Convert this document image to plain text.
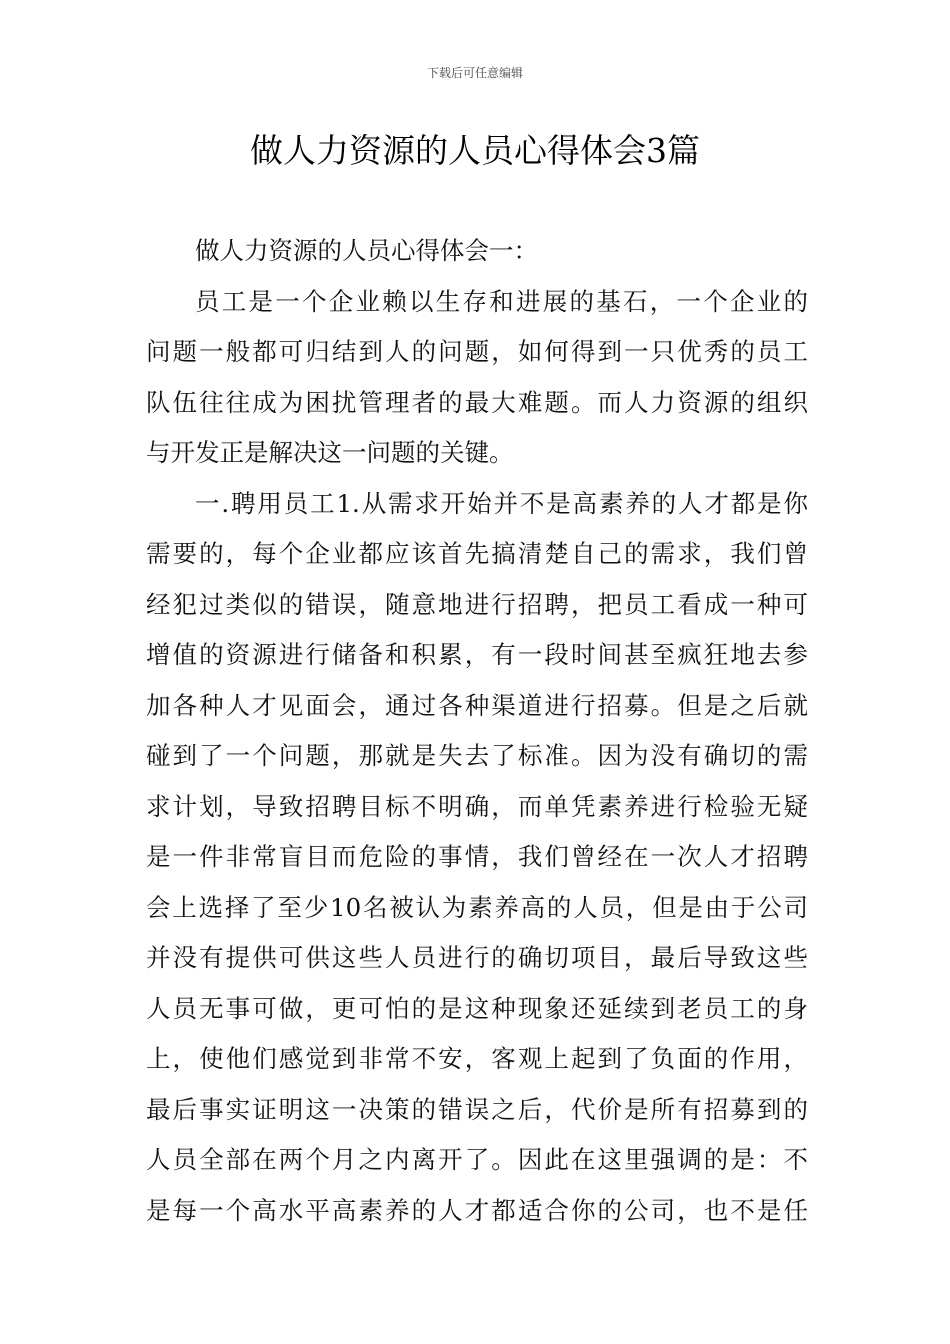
下载后可任意编辑
做人力资源的人员心得体会3篇
做人力资源的人员心得体会一：
员工是一个企业赖以生存和进展的基石，一个企业的
问题一般都可归结到人的问题，如何得到一只优秀的员工
队伍往往成为困扰管理者的最大难题。而人力资源的组织
与开发正是解决这一问题的关键。
一.聘用员工1.从需求开始并不是高素养的人才都是你
需要的，每个企业都应该首先搞清楚自己的需求，我们曾
经犯过类似的错误，随意地进行招聘，把员工看成一种可
增值的资源进行储备和积累，有一段时间甚至疯狂地去参
加各种人才见面会，通过各种渠道进行招募。但是之后就
碰到了一个问题，那就是失去了标准。因为没有确切的需
求计划，导致招聘目标不明确，而单凭素养进行检验无疑
是一件非常盲目而危险的事情，我们曾经在一次人才招聘
会上选择了至少10名被认为素养高的人员，但是由于公司
并没有提供可供这些人员进行的确切项目，最后导致这些
人员无事可做，更可怕的是这种现象还延续到老员工的身
上，使他们感觉到非常不安，客观上起到了负面的作用，
最后事实证明这一决策的错误之后，代价是所有招募到的
人员全部在两个月之内离开了。因此在这里强调的是：不
是每一个高水平高素养的人才都适合你的公司，也不是任
